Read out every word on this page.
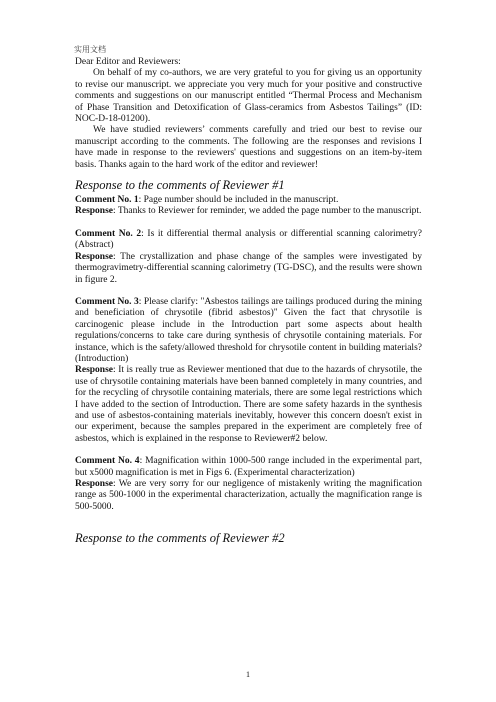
实用文档

Dear Editor and Reviewers:

On behalf of my co-authors, we are very grateful to you for giving us an opportunity to revise our manuscript. we appreciate you very much for your positive and constructive comments and suggestions on our manuscript entitled “Thermal Process and Mechanism of Phase Transition and Detoxification of Glass-ceramics from Asbestos Tailings” (ID: NOC-D-18-01200).

We have studied reviewers’ comments carefully and tried our best to revise our manuscript according to the comments. The following are the responses and revisions I have made in response to the reviewers' questions and suggestions on an item-by-item basis. Thanks again to the hard work of the editor and reviewer!

Response to the comments of Reviewer #1

Comment No. 1: Page number should be included in the manuscript.

Response: Thanks to Reviewer for reminder, we added the page number to the manuscript.

Comment No. 2: Is it differential thermal analysis or differential scanning calorimetry? (Abstract)

Response: The crystallization and phase change of the samples were investigated by thermogravimetry-differential scanning calorimetry (TG-DSC), and the results were shown in figure 2.

Comment No. 3: Please clarify: "Asbestos tailings are tailings produced during the mining and beneficiation of chrysotile (fibrid asbestos)" Given the fact that chrysotile is carcinogenic please include in the Introduction part some aspects about health regulations/concerns to take care during synthesis of chrysotile containing materials. For instance, which is the safety/allowed threshold for chrysotile content in building materials? (Introduction)

Response: It is really true as Reviewer mentioned that due to the hazards of chrysotile, the use of chrysotile containing materials have been banned completely in many countries, and for the recycling of chrysotile containing materials, there are some legal restrictions which I have added to the section of Introduction. There are some safety hazards in the synthesis and use of asbestos-containing materials inevitably, however this concern doesn't exist in our experiment, because the samples prepared in the experiment are completely free of asbestos, which is explained in the response to Reviewer#2 below.

Comment No. 4: Magnification within 1000-500 range included in the experimental part, but x5000 magnification is met in Figs 6. (Experimental characterization)

Response: We are very sorry for our negligence of mistakenly writing the magnification range as 500-1000 in the experimental characterization, actually the magnification range is 500-5000.

Response to the comments of Reviewer #2
1
